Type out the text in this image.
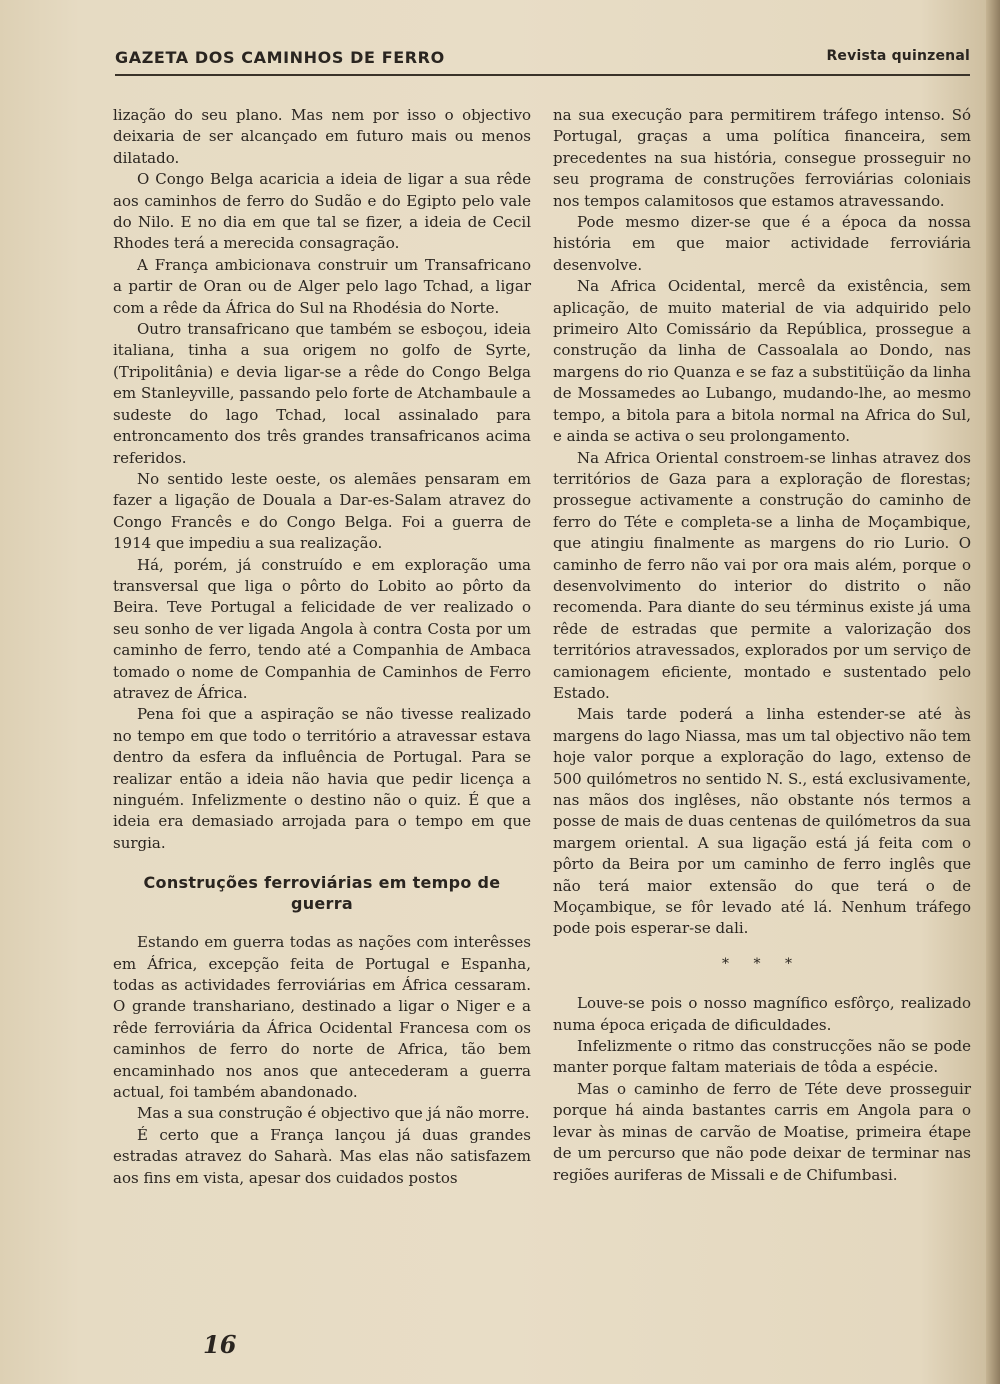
GAZETA DOS CAMINHOS DE FERRO	Revista quinzenal

lização do seu plano. Mas nem por isso o objectivo deixaria de ser alcançado em futuro mais ou menos dilatado.

O Congo Belga acaricia a ideia de ligar a sua rêde aos caminhos de ferro do Sudão e do Egipto pelo vale do Nilo. E no dia em que tal se fizer, a ideia de Cecil Rhodes terá a merecida consagração.

A França ambicionava construir um Transafricano a partir de Oran ou de Alger pelo lago Tchad, a ligar com a rêde da África do Sul na Rhodésia do Norte.

Outro transafricano que também se esboçou, ideia italiana, tinha a sua origem no golfo de Syrte, (Tripolitânia) e devia ligar-se a rêde do Congo Belga em Stanleyville, passando pelo forte de Atchambaule a sudeste do lago Tchad, local assinalado para entroncamento dos três grandes transafricanos acima referidos.

No sentido leste oeste, os alemães pensaram em fazer a ligação de Douala a Dar-es-Salam atravez do Congo Francês e do Congo Belga. Foi a guerra de 1914 que impediu a sua realização.

Há, porém, já construído e em exploração uma transversal que liga o pôrto do Lobito ao pôrto da Beira. Teve Portugal a felicidade de ver realizado o seu sonho de ver ligada Angola à contra Costa por um caminho de ferro, tendo até a Companhia de Ambaca tomado o nome de Companhia de Caminhos de Ferro atravez de África.

Pena foi que a aspiração se não tivesse realizado no tempo em que todo o território a atravessar estava dentro da esfera da influência de Portugal. Para se realizar então a ideia não havia que pedir licença a ninguém. Infelizmente o destino não o quiz. É que a ideia era demasiado arrojada para o tempo em que surgia.

Construções ferroviárias em tempo de guerra

Estando em guerra todas as nações com interêsses em África, excepção feita de Portugal e Espanha, todas as actividades ferroviárias em África cessaram. O grande transhariano, destinado a ligar o Niger e a rêde ferroviária da África Ocidental Francesa com os caminhos de ferro do norte de Africa, tão bem encaminhado nos anos que antecederam a guerra actual, foi também abandonado.

Mas a sua construção é objectivo que já não morre.

É certo que a França lançou já duas grandes estradas atravez do Saharà. Mas elas não satisfazem aos fins em vista, apesar dos cuidados postos

na sua execução para permitirem tráfego intenso. Só Portugal, graças a uma política financeira, sem precedentes na sua história, consegue prosseguir no seu programa de construções ferroviárias coloniais nos tempos calamitosos que estamos atravessando.

Pode mesmo dizer-se que é a época da nossa história em que maior actividade ferroviária desenvolve.

Na Africa Ocidental, mercê da existência, sem aplicação, de muito material de via adquirido pelo primeiro Alto Comissário da República, prossegue a construção da linha de Cassoalala ao Dondo, nas margens do rio Quanza e se faz a substitüição da linha de Mossamedes ao Lubango, mudando-lhe, ao mesmo tempo, a bitola para a bitola normal na Africa do Sul, e ainda se activa o seu prolongamento.

Na Africa Oriental constroem-se linhas atravez dos territórios de Gaza para a exploração de florestas; prossegue activamente a construção do caminho de ferro do Téte e completa-se a linha de Moçambique, que atingiu finalmente as margens do rio Lurio. O caminho de ferro não vai por ora mais além, porque o desenvolvimento do interior do distrito o não recomenda. Para diante do seu términus existe já uma rêde de estradas que permite a valorização dos territórios atravessados, explorados por um serviço de camionagem eficiente, montado e sustentado pelo Estado.

Mais tarde poderá a linha estender-se até às margens do lago Niassa, mas um tal objectivo não tem hoje valor porque a exploração do lago, extenso de 500 quilómetros no sentido N. S., está exclusivamente, nas mãos dos inglêses, não obstante nós termos a posse de mais de duas centenas de quilómetros da sua margem oriental. A sua ligação está já feita com o pôrto da Beira por um caminho de ferro inglês que não terá maior extensão do que terá o de Moçambique, se fôr levado até lá. Nenhum tráfego pode pois esperar-se dali.

* * *

Louve-se pois o nosso magnífico esfôrço, realizado numa época eriçada de dificuldades.

Infelizmente o ritmo das construcções não se pode manter porque faltam materiais de tôda a espécie.

Mas o caminho de ferro de Téte deve prosseguir porque há ainda bastantes carris em Angola para o levar às minas de carvão de Moatise, primeira étape de um percurso que não pode deixar de terminar nas regiões auriferas de Missali e de Chifumbasi.

16
